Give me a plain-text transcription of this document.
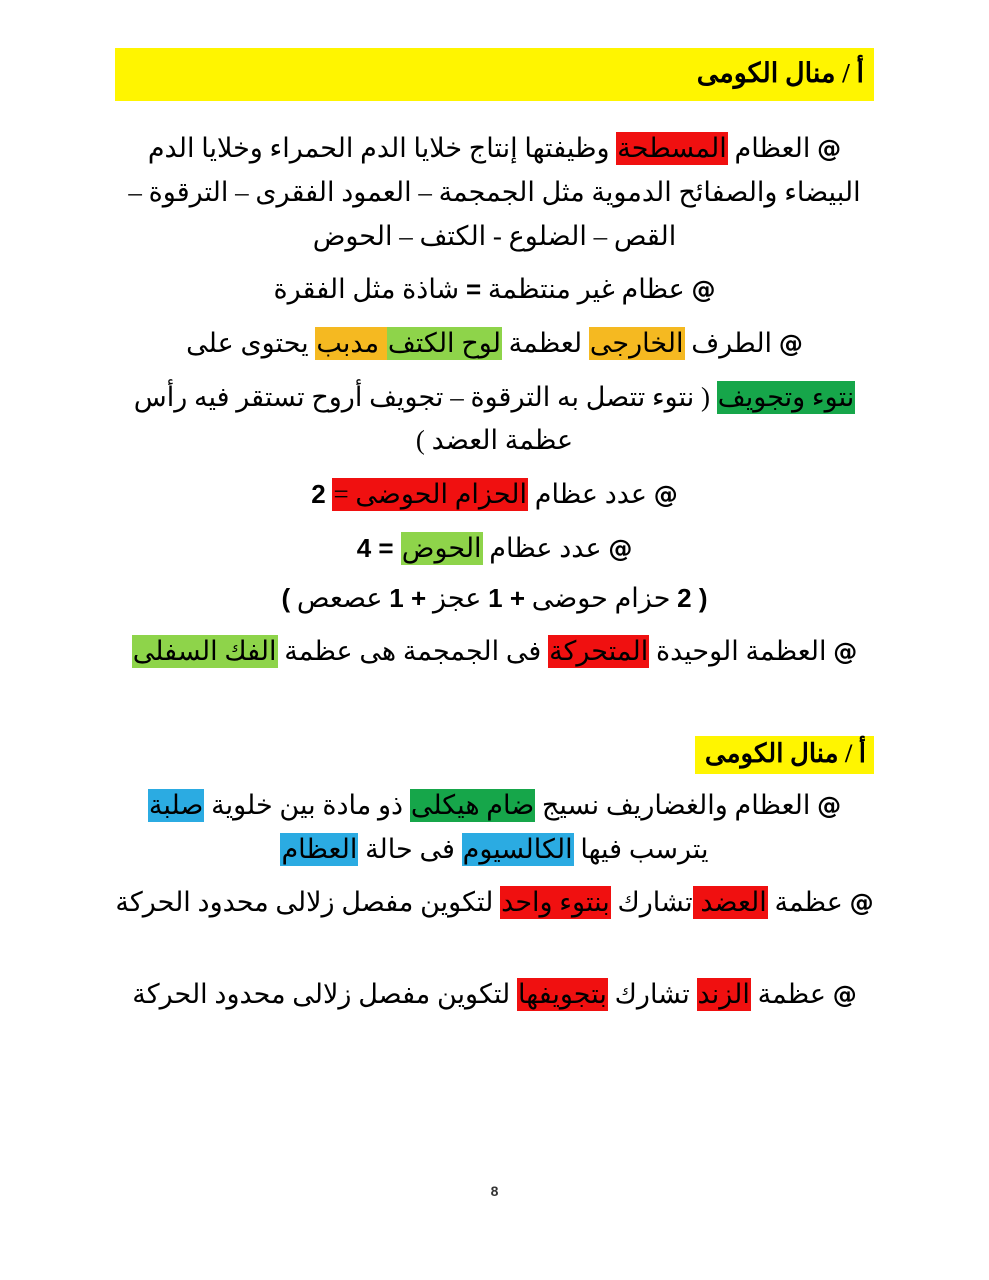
أ / منال الكومى

@ العظام المسطحة وظيفتها إنتاج خلايا الدم الحمراء وخلايا الدم البيضاء والصفائح الدموية مثل الجمجمة – العمود الفقرى – الترقوة – القص – الضلوع - الكتف – الحوض

@ عظام غير منتظمة = شاذة مثل الفقرة

@ الطرف الخارجى لعظمة لوح الكتف مدبب يحتوى على

نتوء وتجويف ( نتوء تتصل به الترقوة – تجويف أروح تستقر فيه رأس عظمة العضد )

@ عدد عظام الحزام الحوضى = 2

@ عدد عظام الحوض = 4

( 2 حزام حوضى + 1 عجز + 1 عصعص )

@ العظمة الوحيدة المتحركة فى الجمجمة هى عظمة الفك السفلى

أ / منال الكومى

@ العظام والغضاريف نسيج ضام هيكلى ذو مادة بين خلوية صلبة يترسب فيها الكالسيوم فى حالة العظام

@ عظمة العضد تشارك بنتوء واحد لتكوين مفصل زلالى محدود الحركة

@ عظمة الزند تشارك بتجويفها لتكوين مفصل زلالى محدود الحركة

8
